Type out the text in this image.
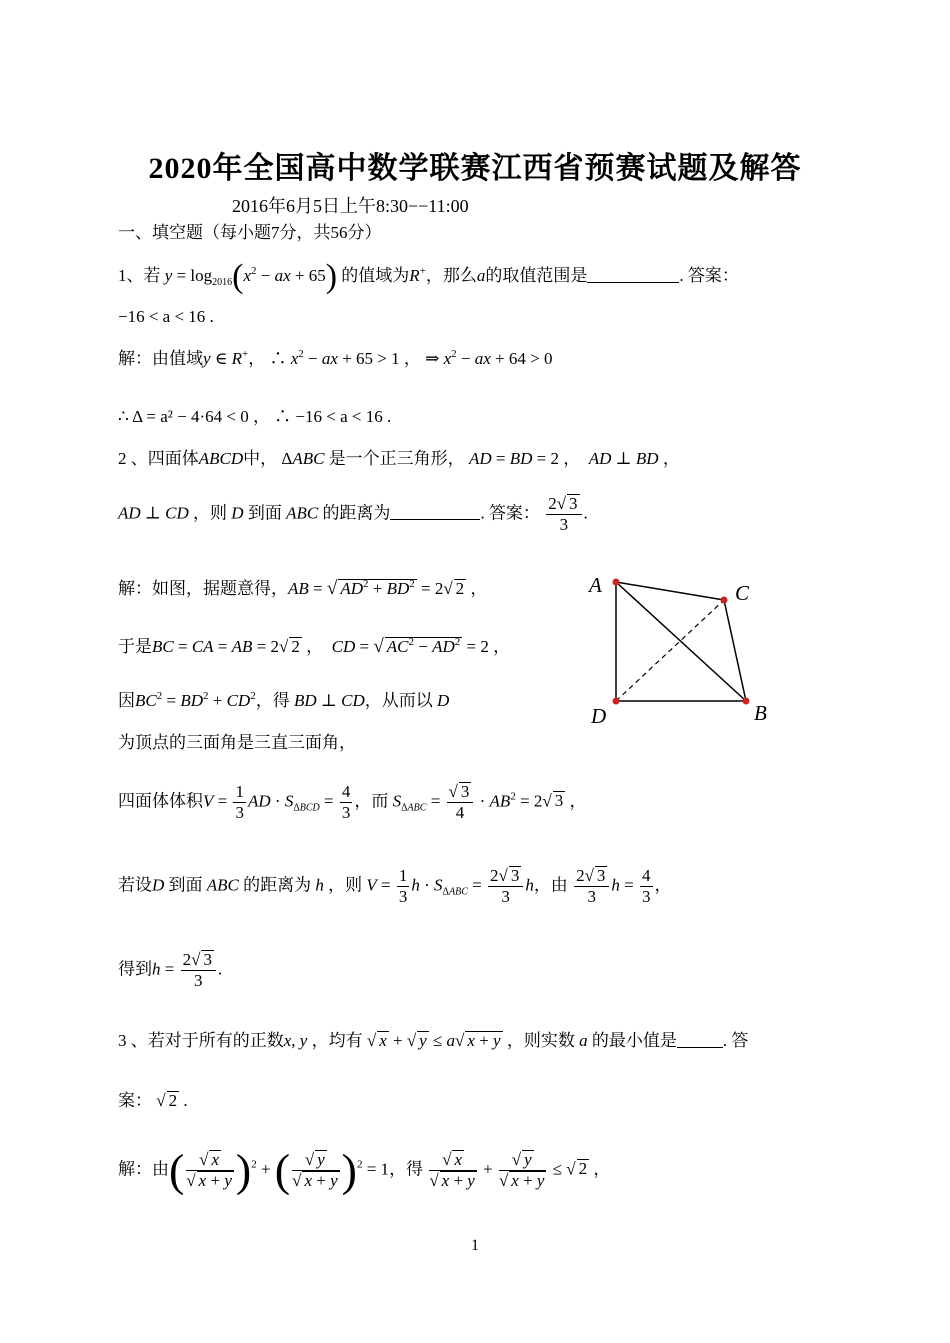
2020年全国高中数学联赛江西省预赛试题及解答
2016年6月5日上午8:30−−11:00
一、填空题（每小题7分，共56分）
1、若 $y = \log_{2016}(x^2$ − ax + 65) 的值域为R+，那么a的取值范围是	. 答案：
−16 < a < 16 .
解：由值域y ∈ R+， ∴ $x^2$ − ax + 65 > 1 ， ⇒ $x^2$ − ax + 64 > 0
∴ Δ = a² − 4·64 < 0 ， ∴ −16 < a < 16 .
2 、四面体ABCD中， ΔABC 是一个正三角形， AD = BD = 2 ，  AD ⊥ BD ，
AD ⊥ CD ，则 D 到面 ABC 的距离为	. 答案： $\frac{2√ 3}{3}$ .
解：如图，据题意得，AB = √ $AD^2 + BD^2 = 2√$ 2 ，
于是BC = CA = AB = 2√ 2 ，  CD = √ $AC^2 - AD^2 = 2$ ，
因$BC^2 = BD^2 + CD^2$，得 BD ⊥ CD，从而以 D
为顶点的三面角是三直三面角，
四面体体积$V = \frac{1}{3}$ AD · $S_{\Delta BCD} = \frac{4}{3}$ ，而 $S_{\Delta ABC} = \frac{√ 3}{4} \cdot AB^2 = 2√$ 3 ，
若设D 到面 ABC 的距离为 h ，则 $V = \frac{1}{3}$ $h \cdot S_{\Delta ABC} = \frac{2√ 3}{3}$ h，由 $\frac{2√ 3}{3}$ $h = \frac{4}{3}$ ，
得到$h = \frac{2√ 3}{3}$ .
A	C
D	B
3 、若对于所有的正数x, y ，均有 √ x + √ y ≤ a√ x + y ，则实数 a 的最小值是	. 答
案： √ 2 .
解：由( $\frac{√ x}{√ x + y} )^2$ + ( $\frac{√ y}{√ x + y} )^2 = 1$，得 $\frac{√ x}{√ x + y} + \frac{√ y}{√ x + y}$ ≤ √ 2 ，
1
